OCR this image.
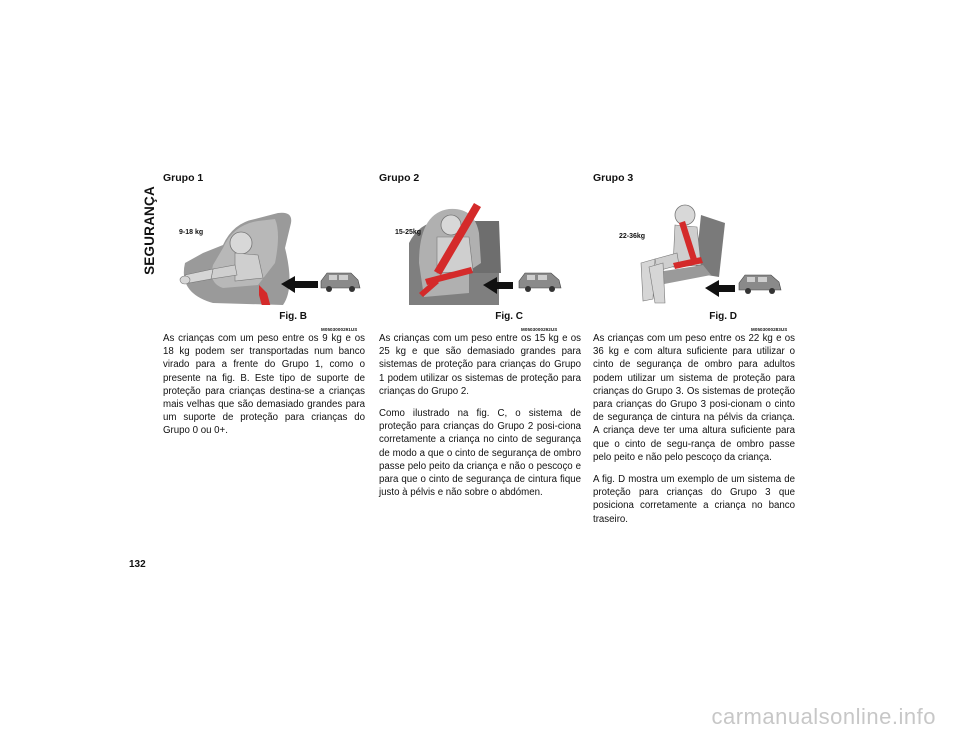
SEGURANÇA
Grupo 1
9-18 kg
M0503000291US
Fig. B

As crianças com um peso entre os 9 kg e os 18 kg podem ser transportadas num banco virado para a frente do Grupo 1, como o presente na fig. B. Este tipo de suporte de proteção para crianças destina-se a crianças mais velhas que são demasiado grandes para um suporte de proteção para crianças do Grupo 0 ou 0+.

Grupo 2
15-25kg
M0503000292US
Fig. C

As crianças com um peso entre os 15 kg e os 25 kg e que são demasiado grandes para sistemas de proteção para crianças do Grupo 1 podem utilizar os sistemas de proteção para crianças do Grupo 2.

Como ilustrado na fig. C, o sistema de proteção para crianças do Grupo 2 posi-ciona corretamente a criança no cinto de segurança de modo a que o cinto de segurança de ombro passe pelo peito da criança e não o pescoço e para que o cinto de segurança de cintura fique justo à pélvis e não sobre o abdómen.

Grupo 3
22-36kg
M0503000283US
Fig. D

As crianças com um peso entre os 22 kg e os 36 kg e com altura suficiente para utilizar o cinto de segurança de ombro para adultos podem utilizar um sistema de proteção para crianças do Grupo 3. Os sistemas de proteção para crianças do Grupo 3 posi-cionam o cinto de segurança de cintura na pélvis da criança. A criança deve ter uma altura suficiente para que o cinto de segu-rança de ombro passe pelo peito e não pelo pescoço da criança.

A fig. D mostra um exemplo de um sistema de proteção para crianças do Grupo 3 que posiciona corretamente a criança no banco traseiro.

132
carmanualsonline.info
